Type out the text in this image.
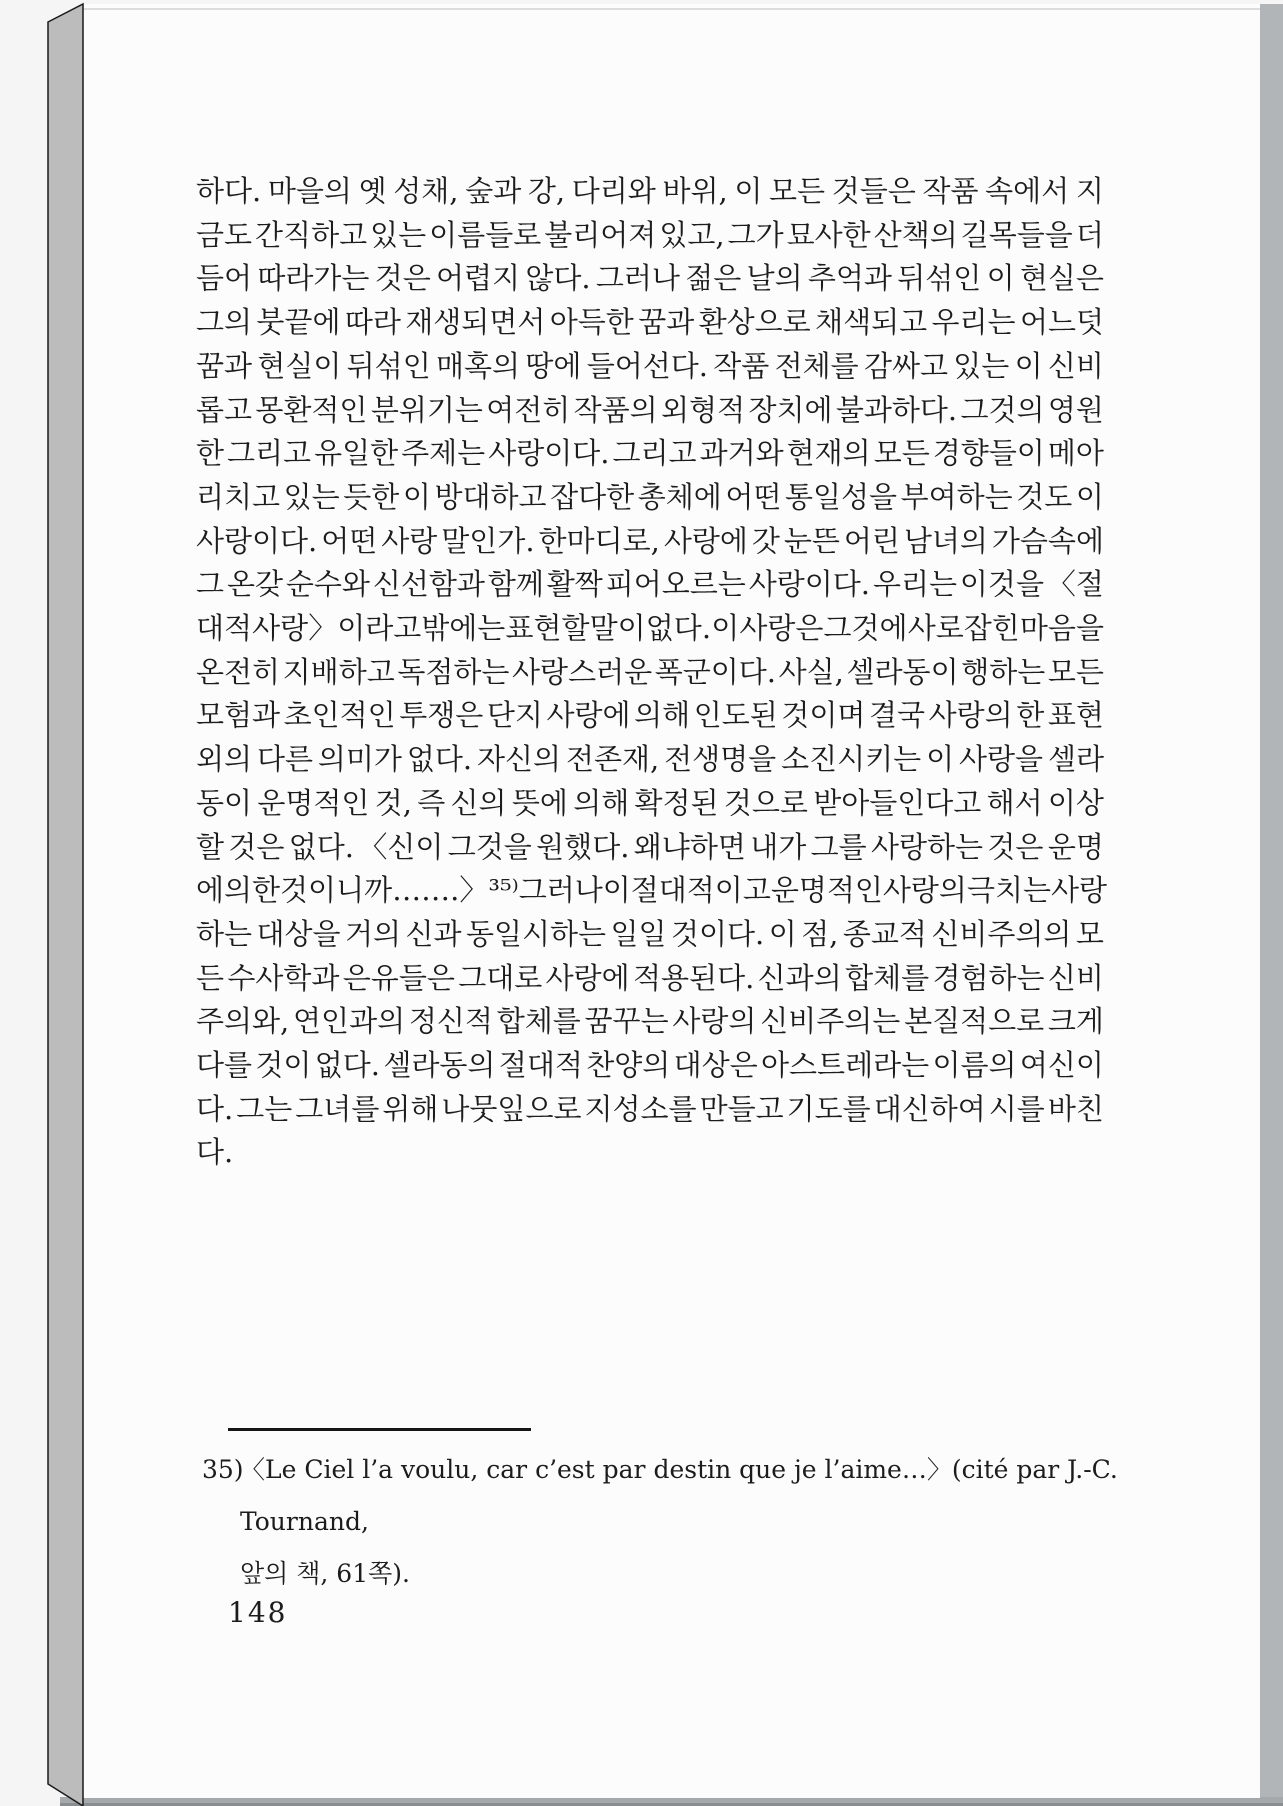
하다. 마을의 옛 성채, 숲과 강, 다리와 바위, 이 모든 것들은 작품 속에서 지
금도 간직하고 있는 이름들로 불리어져 있고, 그가 묘사한 산책의 길목들을 더
듬어 따라가는 것은 어렵지 않다. 그러나 젊은 날의 추억과 뒤섞인 이 현실은
그의 붓끝에 따라 재생되면서 아득한 꿈과 환상으로 채색되고 우리는 어느덧
꿈과 현실이 뒤섞인 매혹의 땅에 들어선다. 작품 전체를 감싸고 있는 이 신비
롭고 몽환적인 분위기는 여전히 작품의 외형적 장치에 불과하다. 그것의 영원
한 그리고 유일한 주제는 사랑이다. 그리고 과거와 현재의 모든 경향들이 메아
리치고 있는 듯한 이 방대하고 잡다한 총체에 어떤 통일성을 부여하는 것도 이
사랑이다. 어떤 사랑 말인가. 한마디로, 사랑에 갓 눈뜬 어린 남녀의 가슴속에
그 온갖 순수와 신선함과 함께 활짝 피어오르는 사랑이다. 우리는 이것을 〈절
대적 사랑〉이라고밖에는 표현할 말이 없다. 이 사랑은 그것에 사로잡힌 마음을
온전히 지배하고 독점하는 사랑스러운 폭군이다. 사실, 셀라동이 행하는 모든
모험과 초인적인 투쟁은 단지 사랑에 의해 인도된 것이며 결국 사랑의 한 표현
외의 다른 의미가 없다. 자신의 전존재, 전생명을 소진시키는 이 사랑을 셀라
동이 운명적인 것, 즉 신의 뜻에 의해 확정된 것으로 받아들인다고 해서 이상
할 것은 없다. 〈신이 그것을 원했다. 왜냐하면 내가 그를 사랑하는 것은 운명
에 의한 것이니까…….〉³⁵⁾ 그러나 이 절대적이고 운명적인 사랑의 극치는 사랑
하는 대상을 거의 신과 동일시하는 일일 것이다. 이 점, 종교적 신비주의의 모
든 수사학과 은유들은 그대로 사랑에 적용된다. 신과의 합체를 경험하는 신비
주의와, 연인과의 정신적 합체를 꿈꾸는 사랑의 신비주의는 본질적으로 크게
다를 것이 없다. 셀라동의 절대적 찬양의 대상은 아스트레라는 이름의 여신이
다. 그는 그녀를 위해 나뭇잎으로 지성소를 만들고 기도를 대신하여 시를 바친
다.
35)
〈Le Ciel l’a voulu, car c’est par destin que je l’aime…〉(cité par J.-C. Tournand,
앞의 책, 61쪽).
148
